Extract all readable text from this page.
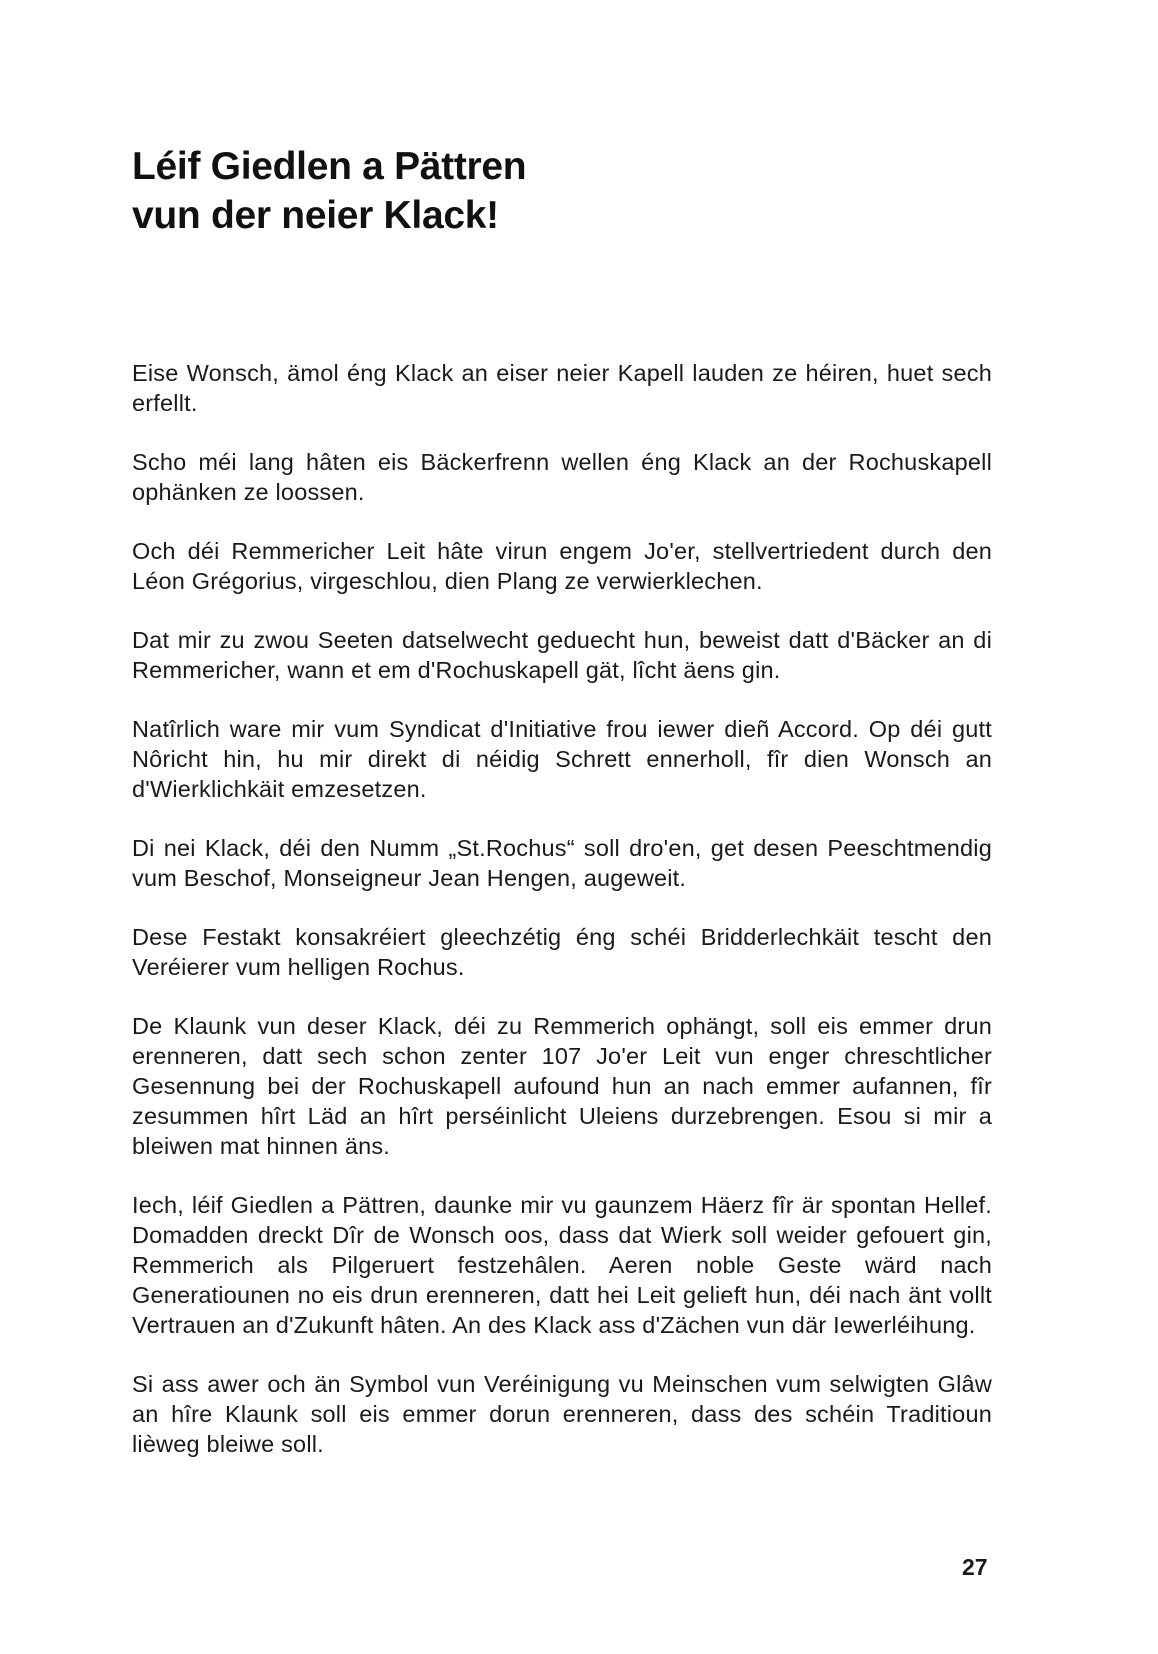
Léif Giedlen a Pättren
vun der neier Klack!

Eise Wonsch, ämol éng Klack an eiser neier Kapell lauden ze héiren, huet sech erfellt.

Scho méi lang hâten eis Bäckerfrenn wellen éng Klack an der Rochuskapell ophänken ze loossen.

Och déi Remmericher Leit hâte virun engem Jo'er, stellvertriedent durch den Léon Grégorius, virgeschlou, dien Plang ze verwierklechen.

Dat mir zu zwou Seeten datselwecht geduecht hun, beweist datt d'Bäcker an di Remmericher, wann et em d'Rochuskapell gät, lîcht äens gin.

Natîrlich ware mir vum Syndicat d'Initiative frou iewer dieñ Accord. Op déi gutt Nôricht hin, hu mir direkt di néidig Schrett ennerholl, fîr dien Wonsch an d'Wierklichkäit emzesetzen.

Di nei Klack, déi den Numm „St.Rochus“ soll dro'en, get desen Peeschtmendig vum Beschof, Monseigneur Jean Hengen, augeweit.

Dese Festakt konsakréiert gleechzétig éng schéi Bridderlechkäit tescht den Veréierer vum helligen Rochus.

De Klaunk vun deser Klack, déi zu Remmerich ophängt, soll eis emmer drun erenneren, datt sech schon zenter 107 Jo'er Leit vun enger chreschtlicher Gesennung bei der Rochuskapell aufound hun an nach emmer aufannen, fîr zesummen hîrt Läd an hîrt perséinlicht Uleiens durzebrengen. Esou si mir a bleiwen mat hinnen äns.

Iech, léif Giedlen a Pättren, daunke mir vu gaunzem Häerz fîr är spontan Hellef. Domadden dreckt Dîr de Wonsch oos, dass dat Wierk soll weider gefouert gin, Remmerich als Pilgeruert festzehâlen. Aeren noble Geste wärd nach Generatiounen no eis drun erenneren, datt hei Leit gelieft hun, déi nach änt vollt Vertrauen an d'Zukunft hâten. An des Klack ass d'Zächen vun där Iewerléihung.

Si ass awer och än Symbol vun Veréinigung vu Meinschen vum selwigten Glâw an hîre Klaunk soll eis emmer dorun erenneren, dass des schéin Traditioun lièweg bleiwe soll.

27
